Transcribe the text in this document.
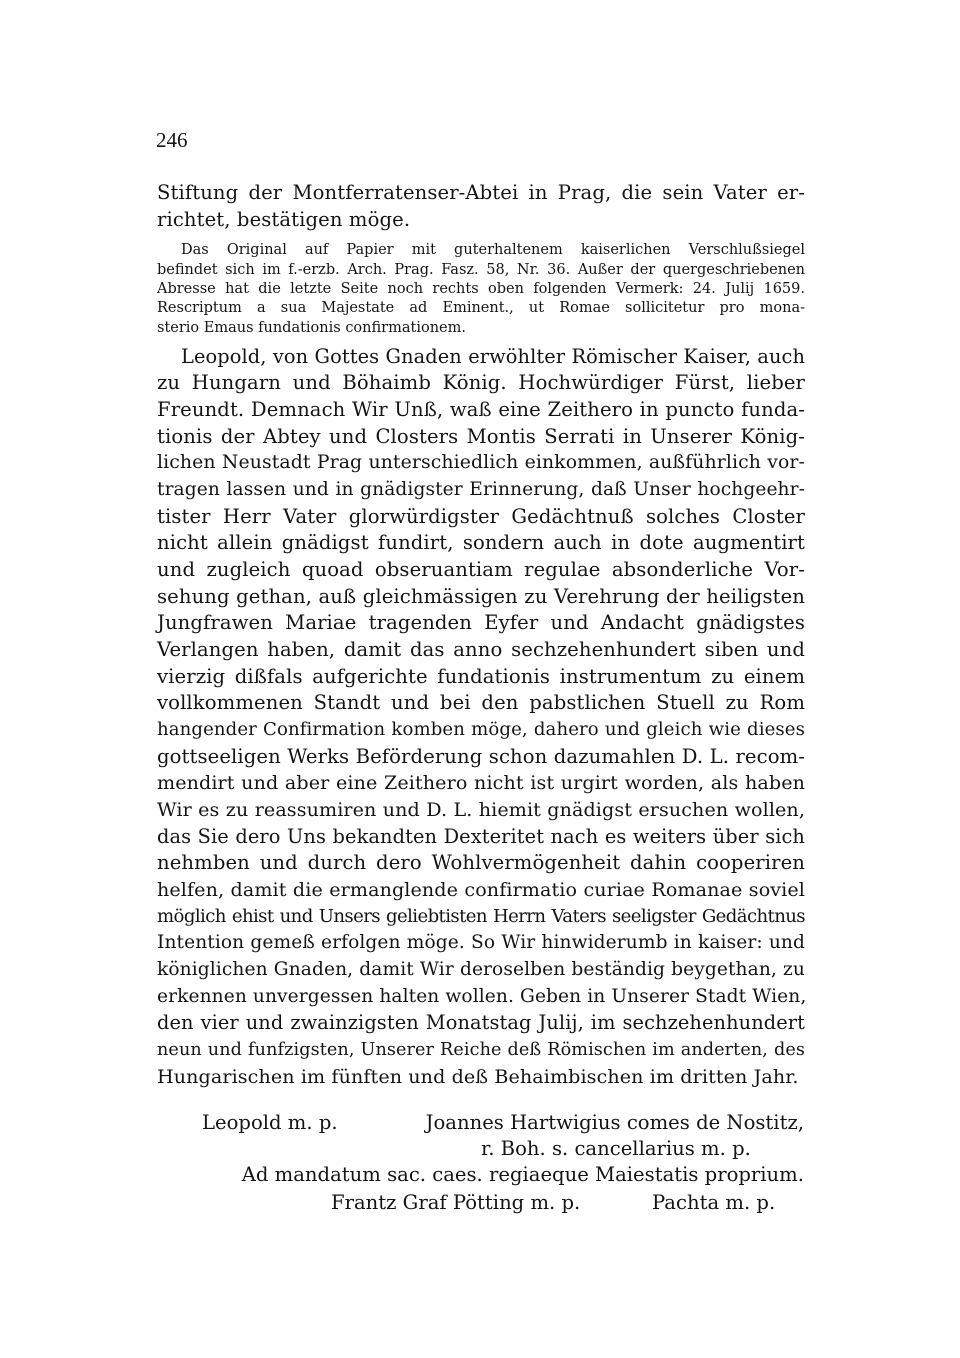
246
Stiftung der Montferratenser-Abtei in Prag, die sein Vater er-
richtet, bestätigen möge.
Das Original auf Papier mit guterhaltenem kaiserlichen Verschlußsiegel
befindet sich im f.-erzb. Arch. Prag. Fasz. 58, Nr. 36. Außer der quergeschriebenen
Abresse hat die letzte Seite noch rechts oben folgenden Vermerk: 24. Julij 1659.
Rescriptum a sua Majestate ad Eminent., ut Romae sollicitetur pro mona-
sterio Emaus fundationis confirmationem.
Leopold, von Gottes Gnaden erwöhlter Römischer Kaiser, auch
zu Hungarn und Böhaimb König. Hochwürdiger Fürst, lieber
Freundt. Demnach Wir Unß, waß eine Zeithero in puncto funda-
tionis der Abtey und Closters Montis Serrati in Unserer König-
lichen Neustadt Prag unterschiedlich einkommen, außführlich vor-
tragen lassen und in gnädigster Erinnerung, daß Unser hochgeehr-
tister Herr Vater glorwürdigster Gedächtnuß solches Closter
nicht allein gnädigst fundirt, sondern auch in dote augmentirt
und zugleich quoad obseruantiam regulae absonderliche Vor-
sehung gethan, auß gleichmässigen zu Verehrung der heiligsten
Jungfrawen Mariae tragenden Eyfer und Andacht gnädigstes
Verlangen haben, damit das anno sechzehenhundert siben und
vierzig dißfals aufgerichte fundationis instrumentum zu einem
vollkommenen Standt und bei den pabstlichen Stuell zu Rom
hangender Confirmation komben möge, dahero und gleich wie dieses
gottseeligen Werks Beförderung schon dazumahlen D. L. recom-
mendirt und aber eine Zeithero nicht ist urgirt worden, als haben
Wir es zu reassumiren und D. L. hiemit gnädigst ersuchen wollen,
das Sie dero Uns bekandten Dexteritet nach es weiters über sich
nehmben und durch dero Wohlvermögenheit dahin cooperiren
helfen, damit die ermanglende confirmatio curiae Romanae soviel
möglich ehist und Unsers geliebtisten Herrn Vaters seeligster Gedächtnus
Intention gemeß erfolgen möge. So Wir hinwiderumb in kaiser: und
königlichen Gnaden, damit Wir deroselben beständig beygethan, zu
erkennen unvergessen halten wollen. Geben in Unserer Stadt Wien,
den vier und zwainzigsten Monatstag Julij, im sechzehenhundert
neun und funfzigsten, Unserer Reiche deß Römischen im anderten, des
Hungarischen im fünften und deß Behaimbischen im dritten Jahr.
Leopold m. p.	Joannes Hartwigius comes de Nostitz,
r. Boh. s. cancellarius m. p.
Ad mandatum sac. caes. regiaeque Maiestatis proprium.
Frantz Graf Pötting m. p.	Pachta m. p.
